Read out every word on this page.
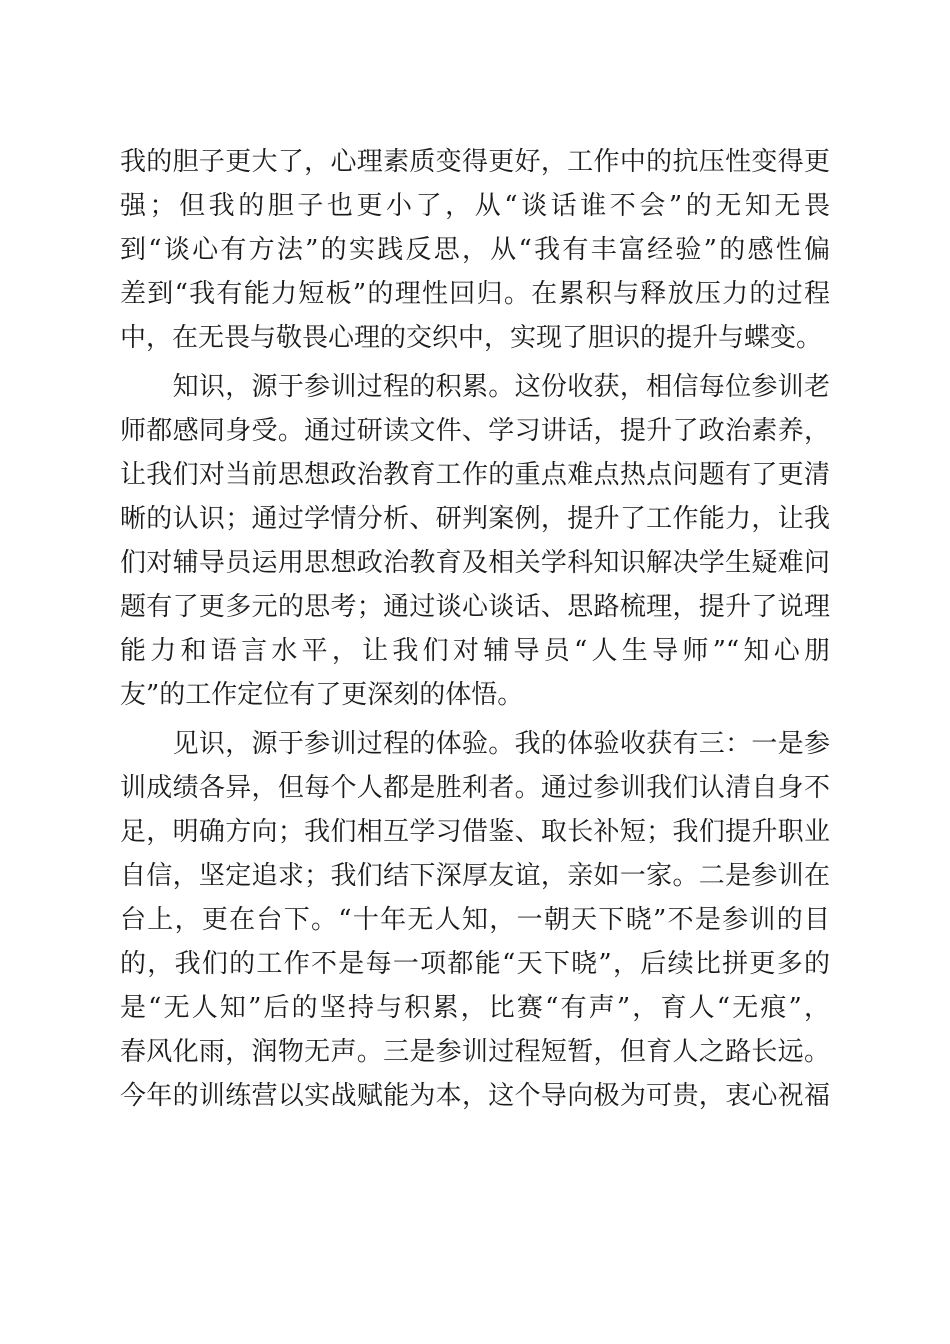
我的胆子更大了，心理素质变得更好，工作中的抗压性变得更
强；但我的胆子也更小了，从“谈话谁不会”的无知无畏
到“谈心有方法”的实践反思，从“我有丰富经验”的感性偏
差到“我有能力短板”的理性回归。在累积与释放压力的过程
中，在无畏与敬畏心理的交织中，实现了胆识的提升与蝶变。
　　知识，源于参训过程的积累。这份收获，相信每位参训老
师都感同身受。通过研读文件、学习讲话，提升了政治素养，
让我们对当前思想政治教育工作的重点难点热点问题有了更清
晰的认识；通过学情分析、研判案例，提升了工作能力，让我
们对辅导员运用思想政治教育及相关学科知识解决学生疑难问
题有了更多元的思考；通过谈心谈话、思路梳理，提升了说理
能力和语言水平，让我们对辅导员“人生导师”“知心朋
友”的工作定位有了更深刻的体悟。
　　见识，源于参训过程的体验。我的体验收获有三：一是参
训成绩各异，但每个人都是胜利者。通过参训我们认清自身不
足，明确方向；我们相互学习借鉴、取长补短；我们提升职业
自信，坚定追求；我们结下深厚友谊，亲如一家。二是参训在
台上，更在台下。“十年无人知，一朝天下晓”不是参训的目
的，我们的工作不是每一项都能“天下晓”，后续比拼更多的
是“无人知”后的坚持与积累，比赛“有声”，育人“无痕”，
春风化雨，润物无声。三是参训过程短暂，但育人之路长远。
今年的训练营以实战赋能为本，这个导向极为可贵，衷心祝福
